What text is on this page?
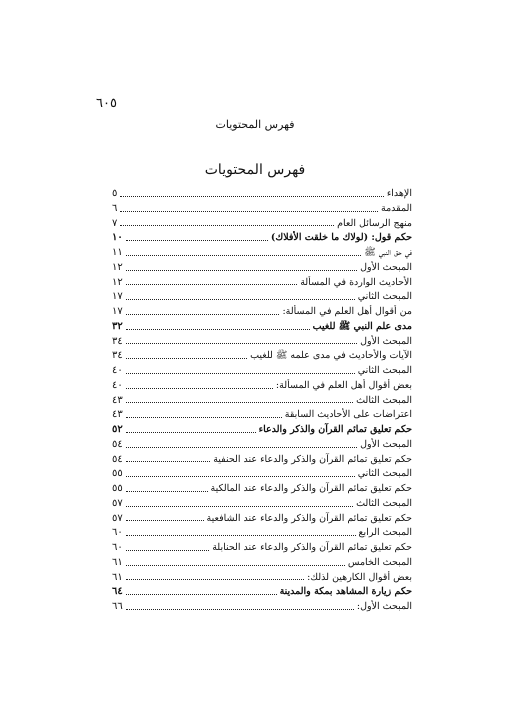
٦٠٥
فهرس المحتويات
فهرس المحتويات
الإهداء
٥
المقدمة
٦
منهج الرسائل العام
٧
حكم قول: (لولاك ما خلقت الأفلاك)
١٠
في حق النبي ﷺ
١١
المبحث الأول
١٢
الأحاديث الواردة في المسألة
١٢
المبحث الثاني
١٧
من أقوال أهل العلم في المسألة:
١٧
مدى علم النبي ﷺ للغيب
٣٢
المبحث الأول
٣٤
الآيات والأحاديث في مدى علمه ﷺ للغيب
٣٤
المبحث الثاني
٤٠
بعض أقوال أهل العلم في المسألة:
٤٠
المبحث الثالث
٤٣
اعتراضات على الأحاديث السابقة
٤٣
حكم تعليق تمائم القرآن والذكر والدعاء
٥٢
المبحث الأول
٥٤
حكم تعليق تمائم القرآن والذكر والدعاء عند الحنفية
٥٤
المبحث الثاني
٥٥
حكم تعليق تمائم القرآن والذكر والدعاء عند المالكية
٥٥
المبحث الثالث
٥٧
حكم تعليق تمائم القرآن والذكر والدعاء عند الشافعية
٥٧
المبحث الرابع
٦٠
حكم تعليق تمائم القرآن والذكر والدعاء عند الحنابلة
٦٠
المبحث الخامس
٦١
بعض أقوال الكارهين لذلك:
٦١
حكم زيارة المشاهد بمكة والمدينة
٦٤
المبحث الأول:
٦٦
